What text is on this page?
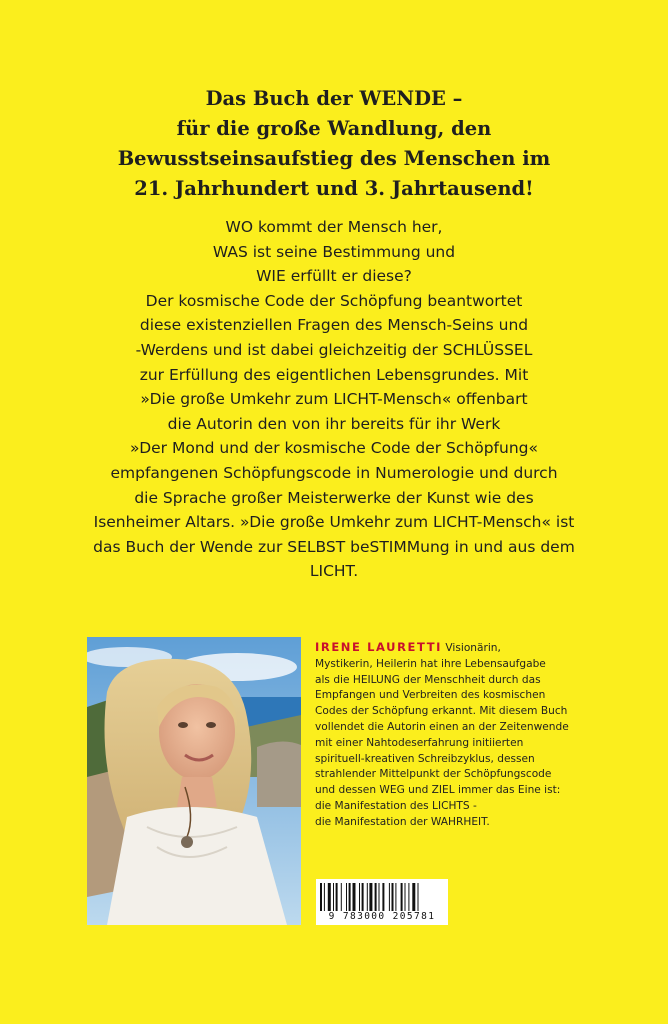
Das Buch der WENDE –
für die große Wandlung, den
Bewusstseinsaufstieg des Menschen im
21. Jahrhundert und 3. Jahrtausend!
WO kommt der Mensch her,
WAS ist seine Bestimmung und
WIE erfüllt er diese?
Der kosmische Code der Schöpfung beantwortet
diese existenziellen Fragen des Mensch-Seins und
-Werdens und ist dabei gleichzeitig der SCHLÜSSEL
zur Erfüllung des eigentlichen Lebensgrundes. Mit
»Die große Umkehr zum LICHT-Mensch« offenbart
die Autorin den von ihr bereits für ihr Werk
»Der Mond und der kosmische Code der Schöpfung«
empfangenen Schöpfungscode in Numerologie und durch
die Sprache großer Meisterwerke der Kunst wie des
Isenheimer Altars. »Die große Umkehr zum LICHT-Mensch« ist
das Buch der Wende zur SELBST beSTIMMung in und aus dem
LICHT.
IRENE LAURETTI Visionärin,
Mystikerin, Heilerin hat ihre Lebensaufgabe
als die HEILUNG der Menschheit durch das
Empfangen und Verbreiten des kosmischen
Codes der Schöpfung erkannt. Mit diesem Buch
vollendet die Autorin einen an der Zeitenwende
mit einer Nahtodeserfahrung initiierten
spirituell-kreativen Schreibzyklus, dessen
strahlender Mittelpunkt der Schöpfungscode
und dessen WEG und ZIEL immer das Eine ist:
die Manifestation des LICHTS -
die Manifestation der WAHRHEIT.
9 783000 205781
